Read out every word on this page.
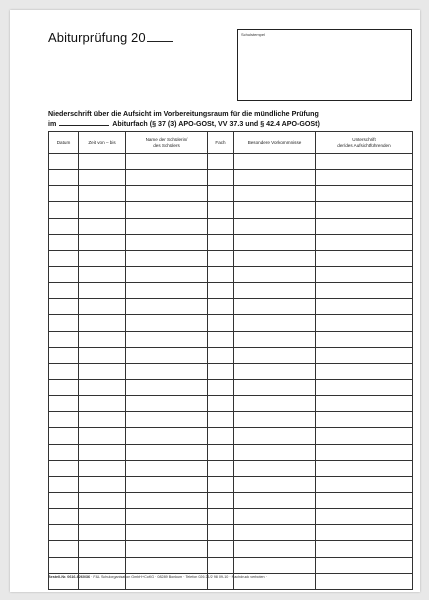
Abiturprüfung 20	Schulstempel
Niederschrift über die Aufsicht im Vorbereitungsraum für die mündliche Prüfung
im	Abiturfach (§ 37 (3) APO-GOSt, VV 37.3 und § 42.4 APO-GOSt)
Datum	Zeit von – bis	Name der Schülerin/
des Schülers	Fach	Besondere Vorkommnisse	Unterschrift
der/des Aufsichtführenden

Bestell-Nr. 0616-6260/36 · F&L Schulorganisation GmbH+CoKG · 08289 Bonkum · Telefon 026 21/2 98 09-10 · Nachdruck verboten ·
